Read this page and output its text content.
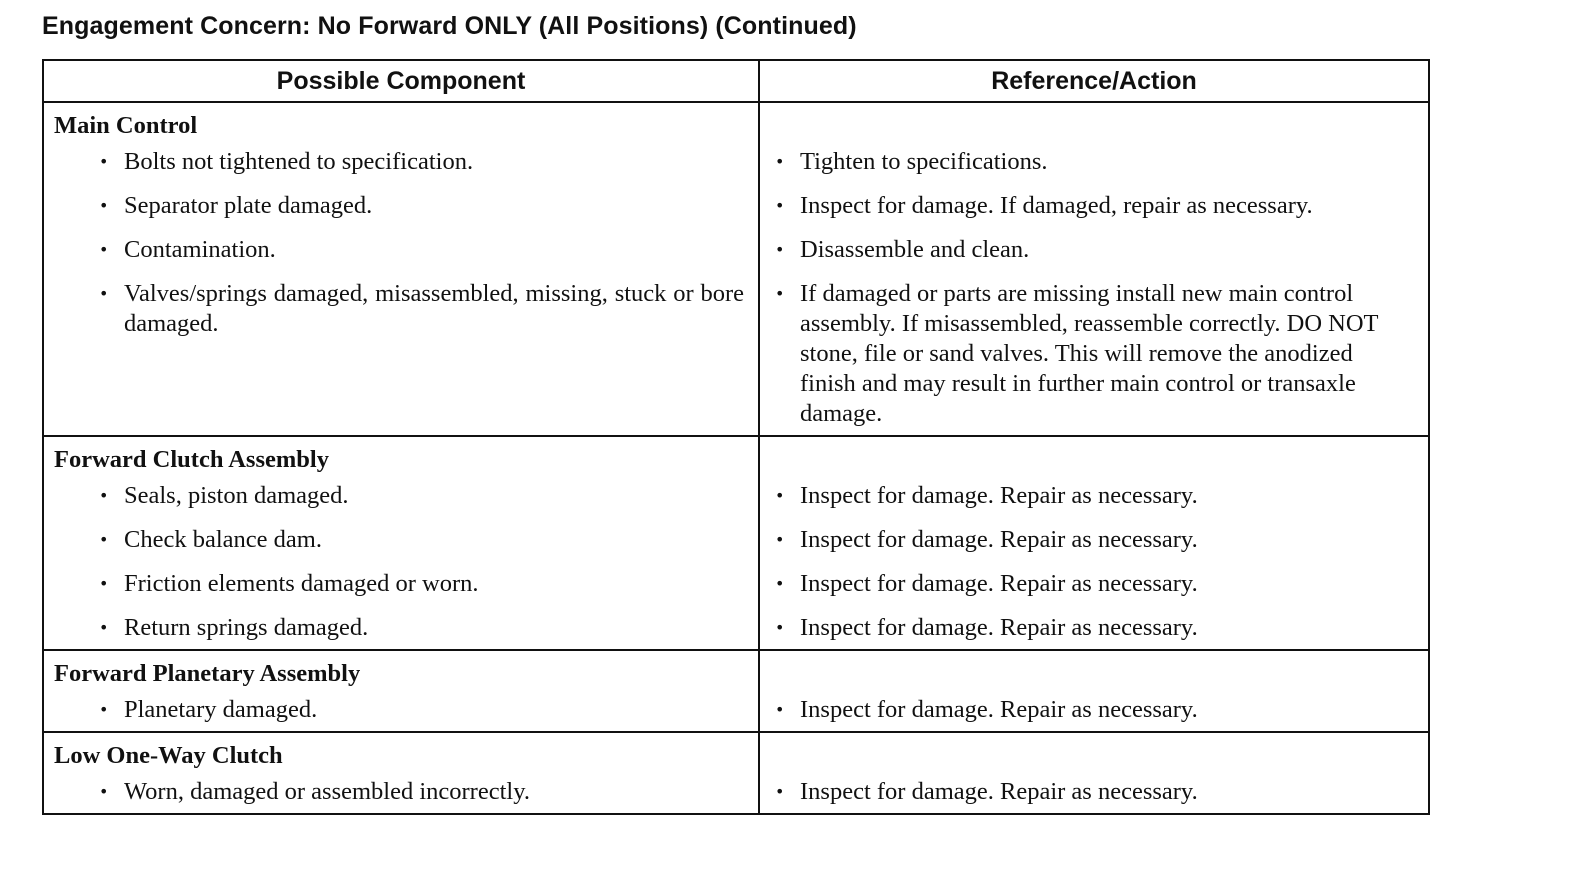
Engagement Concern: No Forward ONLY (All Positions) (Continued)
Possible Component	Reference/Action
Main Control	

• Bolts not tightened to specification.	• Tighten to specifications.

• Separator plate damaged.	• Inspect for damage. If damaged, repair as necessary.

• Contamination.	• Disassemble and clean.

• Valves/springs damaged, misassembled, missing, stuck or bore damaged.	• If damaged or parts are missing install new main control assembly. If misassembled, reassemble correctly. DO NOT stone, file or sand valves. This will remove the anodized finish and may result in further main control or transaxle damage.

Forward Clutch Assembly	

• Seals, piston damaged.	• Inspect for damage. Repair as necessary.

• Check balance dam.	• Inspect for damage. Repair as necessary.

• Friction elements damaged or worn.	• Inspect for damage. Repair as necessary.

• Return springs damaged.	• Inspect for damage. Repair as necessary.

Forward Planetary Assembly	

• Planetary damaged.	• Inspect for damage. Repair as necessary.

Low One-Way Clutch	

• Worn, damaged or assembled incorrectly.	• Inspect for damage. Repair as necessary.
